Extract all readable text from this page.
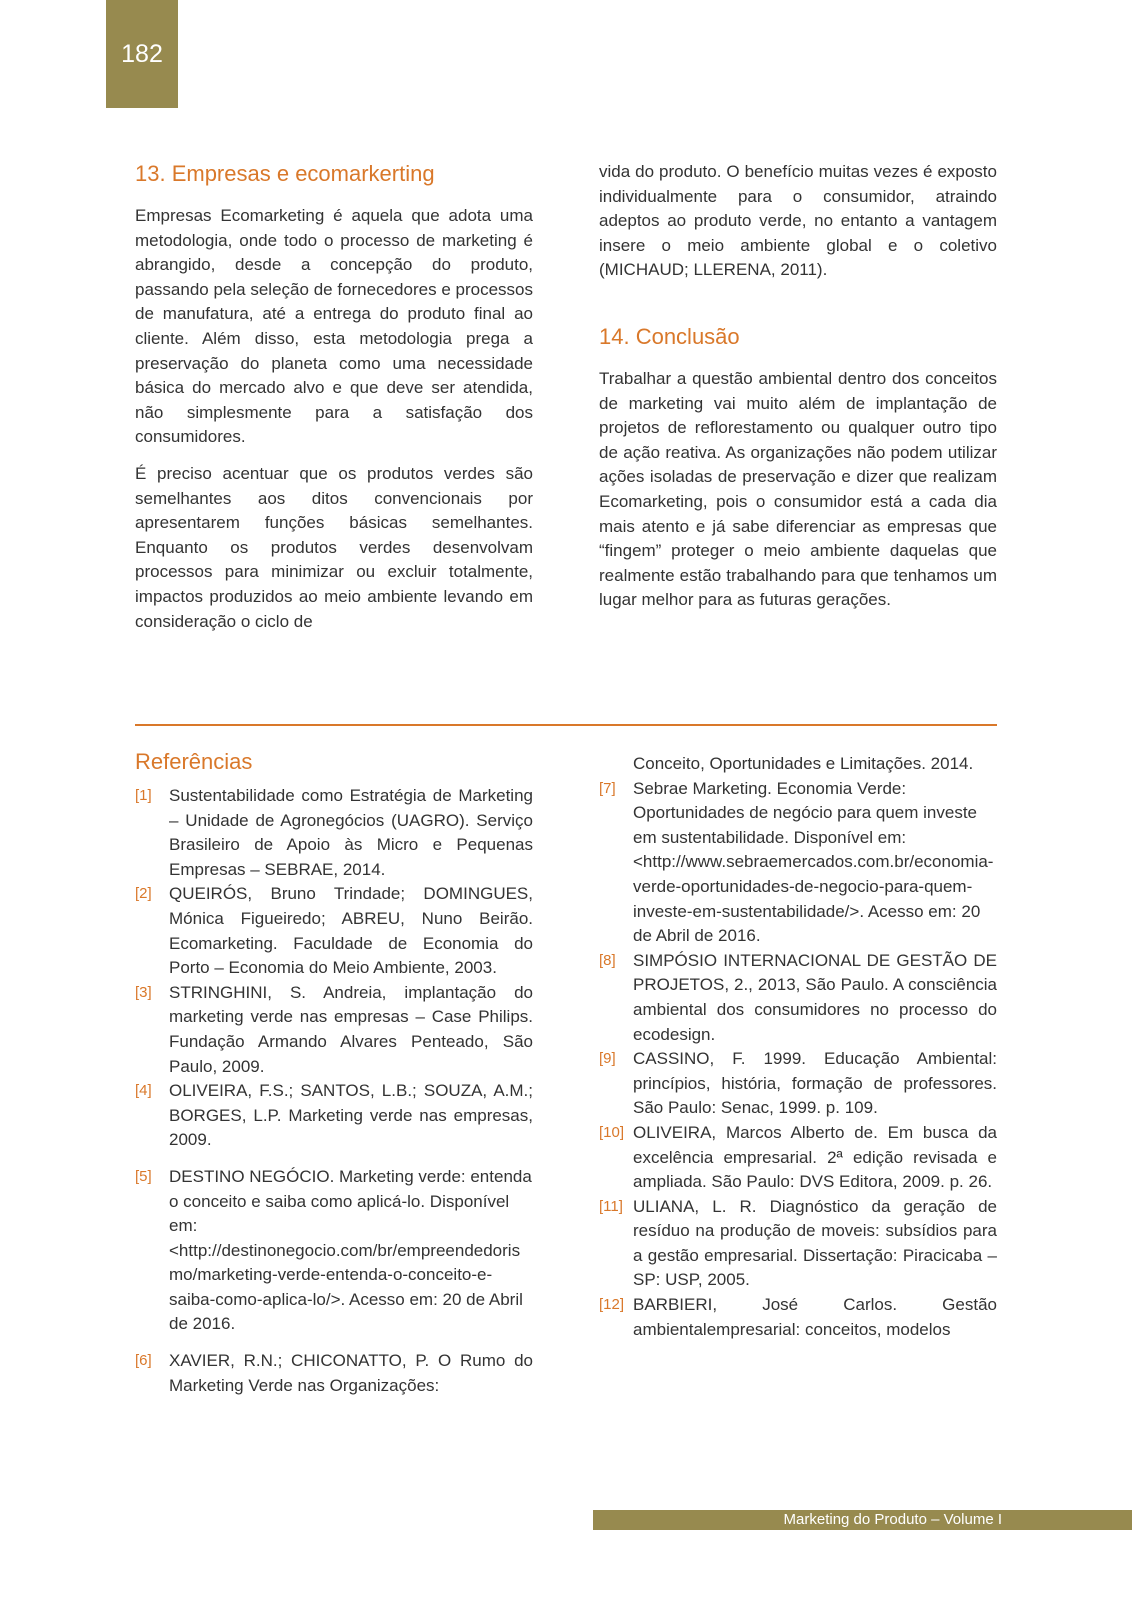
182
13. Empresas e ecomarkerting

Empresas Ecomarketing é aquela que adota uma metodologia, onde todo o processo de marketing é abrangido, desde a concepção do produto, passando pela seleção de fornecedores e processos de manufatura, até a entrega do produto final ao cliente. Além disso, esta metodologia prega a preservação do planeta como uma necessidade básica do mercado alvo e que deve ser atendida, não simplesmente para a satisfação dos consumidores.

É preciso acentuar que os produtos verdes são semelhantes aos ditos convencionais por apresentarem funções básicas semelhantes. Enquanto os produtos verdes desenvolvam processos para minimizar ou excluir totalmente, impactos produzidos ao meio ambiente levando em consideração o ciclo de

vida do produto. O benefício muitas vezes é exposto individualmente para o consumidor, atraindo adeptos ao produto verde, no entanto a vantagem insere o meio ambiente global e o coletivo (MICHAUD; LLERENA, 2011).

14. Conclusão

Trabalhar a questão ambiental dentro dos conceitos de marketing vai muito além de implantação de projetos de reflorestamento ou qualquer outro tipo de ação reativa. As organizações não podem utilizar ações isoladas de preservação e dizer que realizam Ecomarketing, pois o consumidor está a cada dia mais atento e já sabe diferenciar as empresas que “fingem” proteger o meio ambiente daquelas que realmente estão trabalhando para que tenhamos um lugar melhor para as futuras gerações.

Referências
[1]	Sustentabilidade como Estratégia de Marketing – Unidade de Agronegócios (UAGRO). Serviço Brasileiro de Apoio às Micro e Pequenas Empresas – SEBRAE, 2014.
[2]	QUEIRÓS, Bruno Trindade; DOMINGUES, Mónica Figueiredo; ABREU, Nuno Beirão. Ecomarketing. Faculdade de Economia do Porto – Economia do Meio Ambiente, 2003.
[3]	STRINGHINI, S. Andreia, implantação do marketing verde nas empresas – Case Philips. Fundação Armando Alvares Penteado, São Paulo, 2009.
[4]	OLIVEIRA, F.S.; SANTOS, L.B.; SOUZA, A.M.; BORGES, L.P. Marketing verde nas empresas, 2009.
[5]	DESTINO NEGÓCIO. Marketing verde: entenda o conceito e saiba como aplicá-lo. Disponível em: <http://destinonegocio.com/br/empreendedorismo/marketing-verde-entenda-o-conceito-e-saiba-como-aplica-lo/>. Acesso em: 20 de Abril de 2016.
[6]	XAVIER, R.N.; CHICONATTO, P. O Rumo do Marketing Verde nas Organizações:
Conceito, Oportunidades e Limitações. 2014.
[7]	Sebrae Marketing. Economia Verde: Oportunidades de negócio para quem investe em sustentabilidade. Disponível em: <http://www.sebraemercados.com.br/economia-verde-oportunidades-de-negocio-para-quem-investe-em-sustentabilidade/>. Acesso em: 20 de Abril de 2016.
[8]	SIMPÓSIO INTERNACIONAL DE GESTÃO DE PROJETOS, 2., 2013, São Paulo. A consciência ambiental dos consumidores no processo do ecodesign.
[9]	CASSINO, F. 1999. Educação Ambiental: princípios, história, formação de professores. São Paulo: Senac, 1999. p. 109.
[10] OLIVEIRA, Marcos Alberto de. Em busca da excelência empresarial. 2ª edição revisada e ampliada. São Paulo: DVS Editora, 2009. p. 26.
[11] ULIANA, L. R. Diagnóstico da geração de resíduo na produção de moveis: subsídios para a gestão empresarial. Dissertação: Piracicaba – SP: USP, 2005.
[12] BARBIERI, José Carlos. Gestão ambientalempresarial: conceitos, modelos
Marketing do Produto – Volume I
